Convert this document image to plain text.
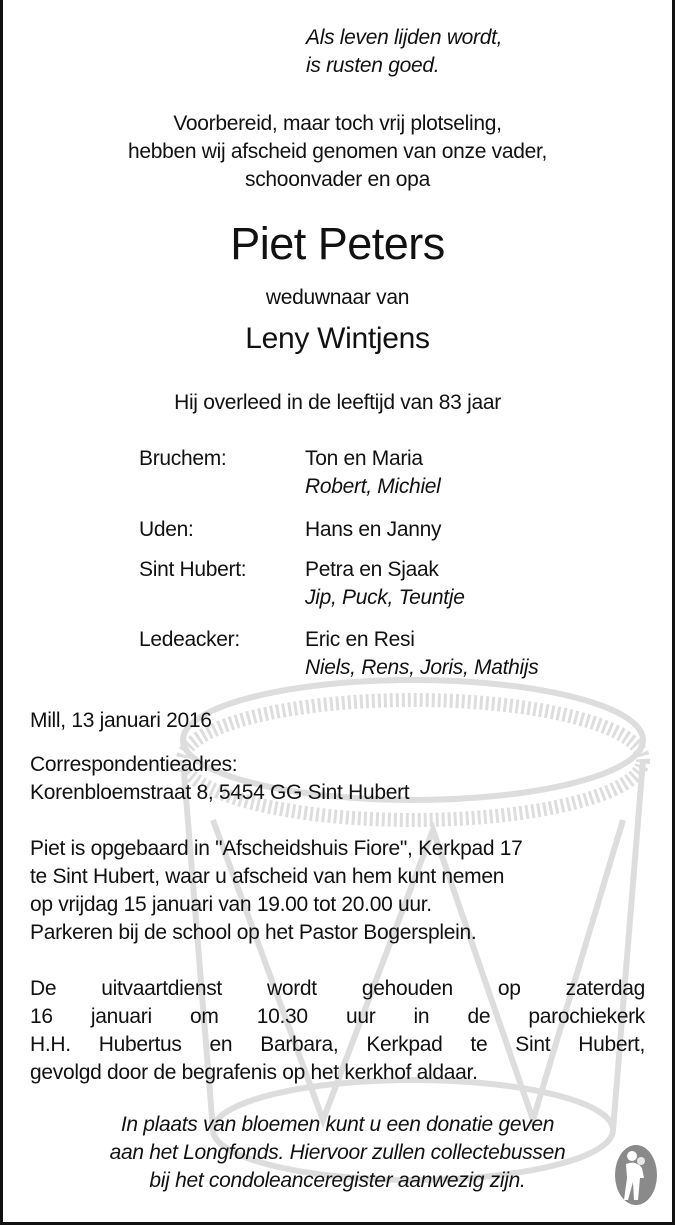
Als leven lijden wordt,
is rusten goed.
Voorbereid, maar toch vrij plotseling,
hebben wij afscheid genomen van onze vader,
schoonvader en opa
Piet Peters
weduwnaar van
Leny Wintjens
Hij overleed in de leeftijd van 83 jaar
Bruchem:	Ton en Maria
Robert, Michiel
Uden:	Hans en Janny
Sint Hubert:	Petra en Sjaak
Jip, Puck, Teuntje
Ledeacker:	Eric en Resi
Niels, Rens, Joris, Mathijs
Mill, 13 januari 2016
Correspondentieadres:
Korenbloemstraat 8, 5454 GG Sint Hubert
Piet is opgebaard in "Afscheidshuis Fiore", Kerkpad 17
te Sint Hubert, waar u afscheid van hem kunt nemen
op vrijdag 15 januari van 19.00 tot 20.00 uur.
Parkeren bij de school op het Pastor Bogersplein.
De uitvaartdienst wordt gehouden op zaterdag
16 januari om 10.30 uur in de parochiekerk
H.H. Hubertus en Barbara, Kerkpad te Sint Hubert,
gevolgd door de begrafenis op het kerkhof aldaar.
In plaats van bloemen kunt u een donatie geven
aan het Longfonds. Hiervoor zullen collectebussen
bij het condoleanceregister aanwezig zijn.
